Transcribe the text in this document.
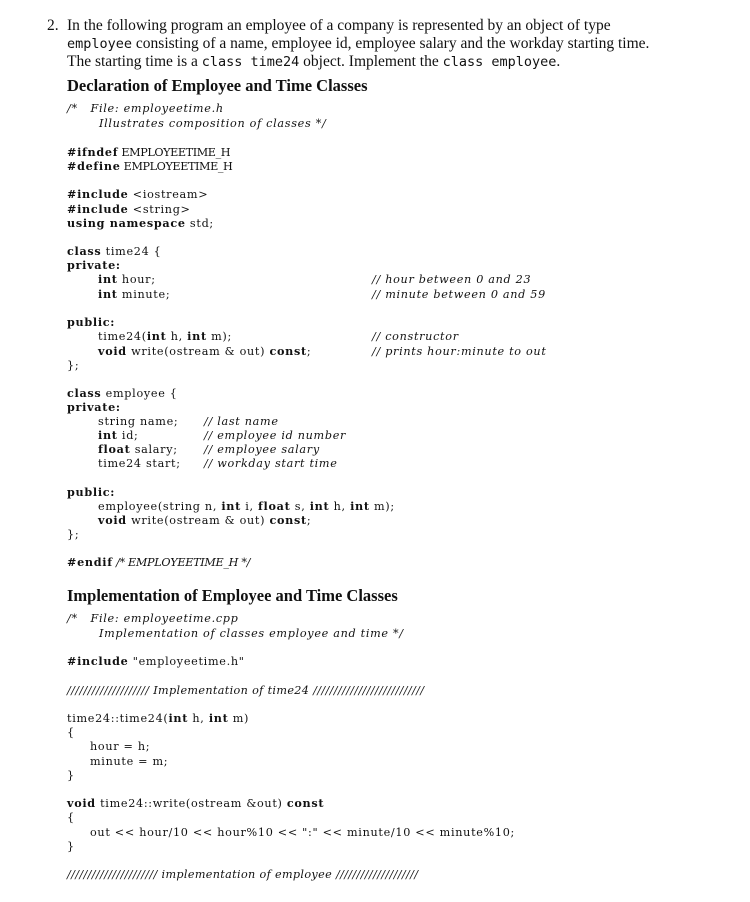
2. In the following program an employee of a company is represented by an object of type
employee consisting of a name, employee id, employee salary and the workday starting time.
The starting time is a class time24 object. Implement the class employee.
Declaration of Employee and Time Classes
/*   File: employeetime.h
Illustrates composition of classes */
#ifndef EMPLOYEETIME_H
#define EMPLOYEETIME_H
#include <iostream>
#include <string>
using namespace std;
class time24 {
private:
int hour;	// hour between 0 and 23
int minute;	// minute between 0 and 59
public:
time24(int h, int m);	// constructor
void write(ostream & out) const;	// prints hour:minute to out
};
class employee {
private:
string name; // last name
int id;	// employee id number
float salary; // employee salary
time24 start; // workday start time
public:
employee(string n, int i, float s, int h, int m);
void write(ostream & out) const;
};
#endif /* EMPLOYEETIME_H */
Implementation of Employee and Time Classes
/*   File: employeetime.cpp
Implementation of classes employee and time */
#include "employeetime.h"
//////////////////// Implementation of time24 ///////////////////////////
time24::time24(int h, int m)
{
hour = h;
minute = m;
}
void time24::write(ostream &out) const
{
out << hour/10 << hour%10 << ":" << minute/10 << minute%10;
}
////////////////////// implementation of employee ////////////////////
